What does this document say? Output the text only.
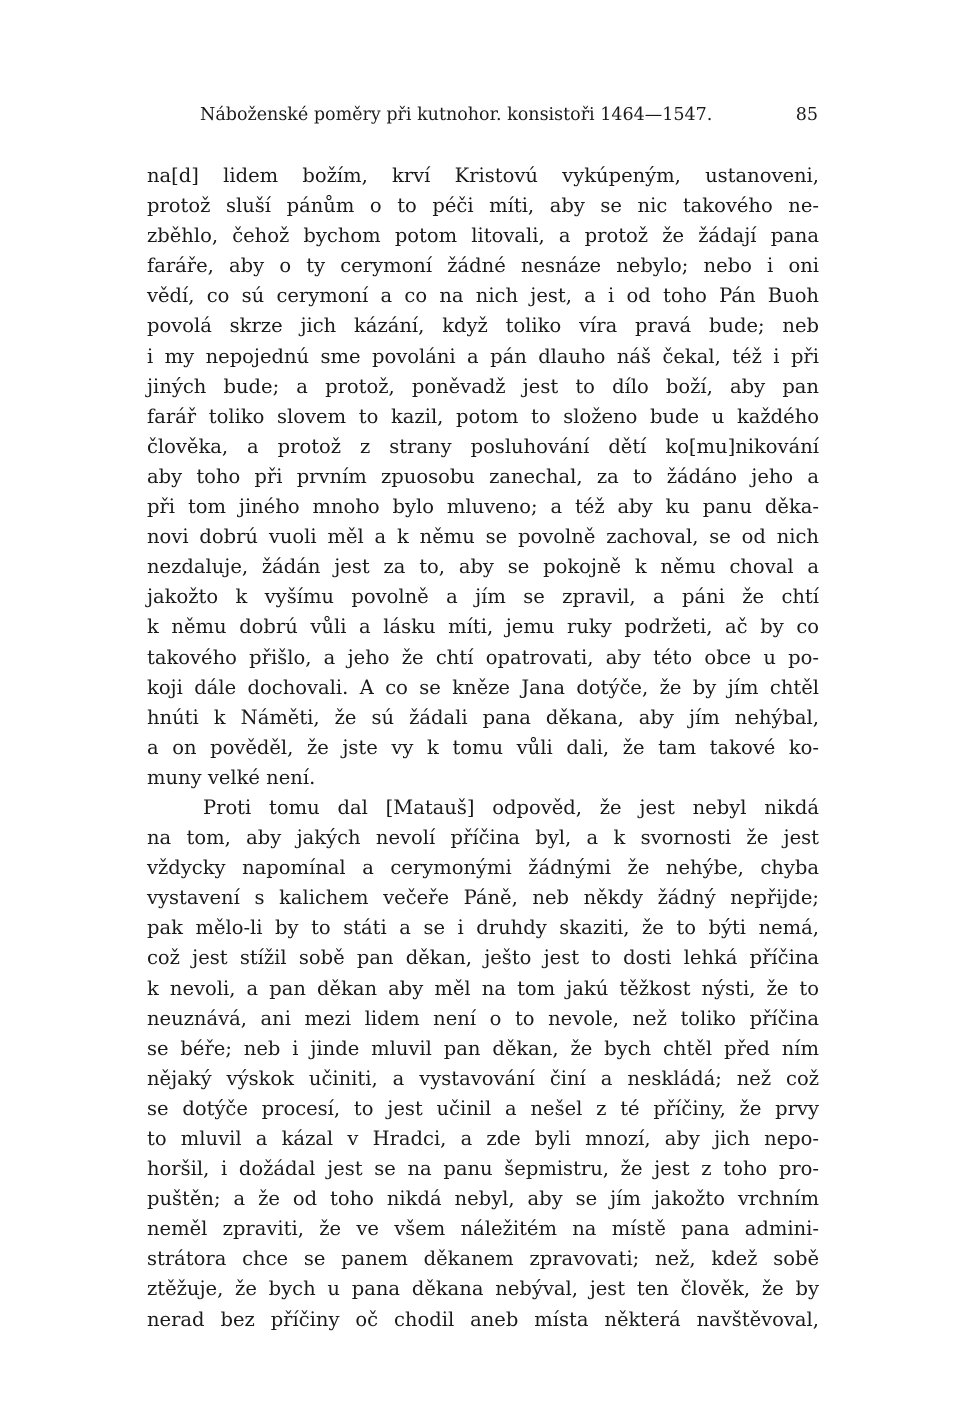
Náboženské poměry při kutnohor. konsistoři 1464—1547.	85
na[d] lidem božím, krví Kristovú vykúpeným, ustanoveni,
protož sluší pánům o to péči míti, aby se nic takového ne-
zběhlo, čehož bychom potom litovali, a protož že žádají pana
faráře, aby o ty cerymoní žádné nesnáze nebylo; nebo i oni
vědí, co sú cerymoní a co na nich jest, a i od toho Pán Buoh
povolá skrze jich kázání, když toliko víra pravá bude; neb
i my nepojednú sme povoláni a pán dlauho náš čekal, též i při
jiných bude; a protož, poněvadž jest to dílo boží, aby pan
farář toliko slovem to kazil, potom to složeno bude u každého
člověka, a protož z strany posluhování dětí ko[mu]nikování
aby toho při prvním zpuosobu zanechal, za to žádáno jeho a
při tom jiného mnoho bylo mluveno; a též aby ku panu děka-
novi dobrú vuoli měl a k němu se povolně zachoval, se od nich
nezdaluje, žádán jest za to, aby se pokojně k němu choval a
jakožto k vyšímu povolně a jím se zpravil, a páni že chtí
k němu dobrú vůli a lásku míti, jemu ruky podržeti, ač by co
takového přišlo, a jeho že chtí opatrovati, aby této obce u po-
koji dále dochovali. A co se kněze Jana dotýče, že by jím chtěl
hnúti k Náměti, že sú žádali pana děkana, aby jím nehýbal,
a on pověděl, že jste vy k tomu vůli dali, že tam takové ko-
muny velké není.
Proti tomu dal [Matauš] odpověd, že jest nebyl nikdá
na tom, aby jakých nevolí příčina byl, a k svornosti že jest
vždycky napomínal a cerymonými žádnými že nehýbe, chyba
vystavení s kalichem večeře Páně, neb někdy žádný nepřijde;
pak mělo-li by to státi a se i druhdy skaziti, že to býti nemá,
což jest stížil sobě pan děkan, ješto jest to dosti lehká příčina
k nevoli, a pan děkan aby měl na tom jakú těžkost nýsti, že to
neuznává, ani mezi lidem není o to nevole, než toliko příčina
se béře; neb i jinde mluvil pan děkan, že bych chtěl před ním
nějaký výskok učiniti, a vystavování činí a neskládá; než což
se dotýče procesí, to jest učinil a nešel z té příčiny, že prvy
to mluvil a kázal v Hradci, a zde byli mnozí, aby jich nepo-
horšil, i dožádal jest se na panu šepmistru, že jest z toho pro-
puštěn; a že od toho nikdá nebyl, aby se jím jakožto vrchním
neměl zpraviti, že ve všem náležitém na místě pana admini-
strátora chce se panem děkanem zpravovati; než, kdež sobě
ztěžuje, že bych u pana děkana nebýval, jest ten člověk, že by
nerad bez příčiny oč chodil aneb místa některá navštěvoval,
